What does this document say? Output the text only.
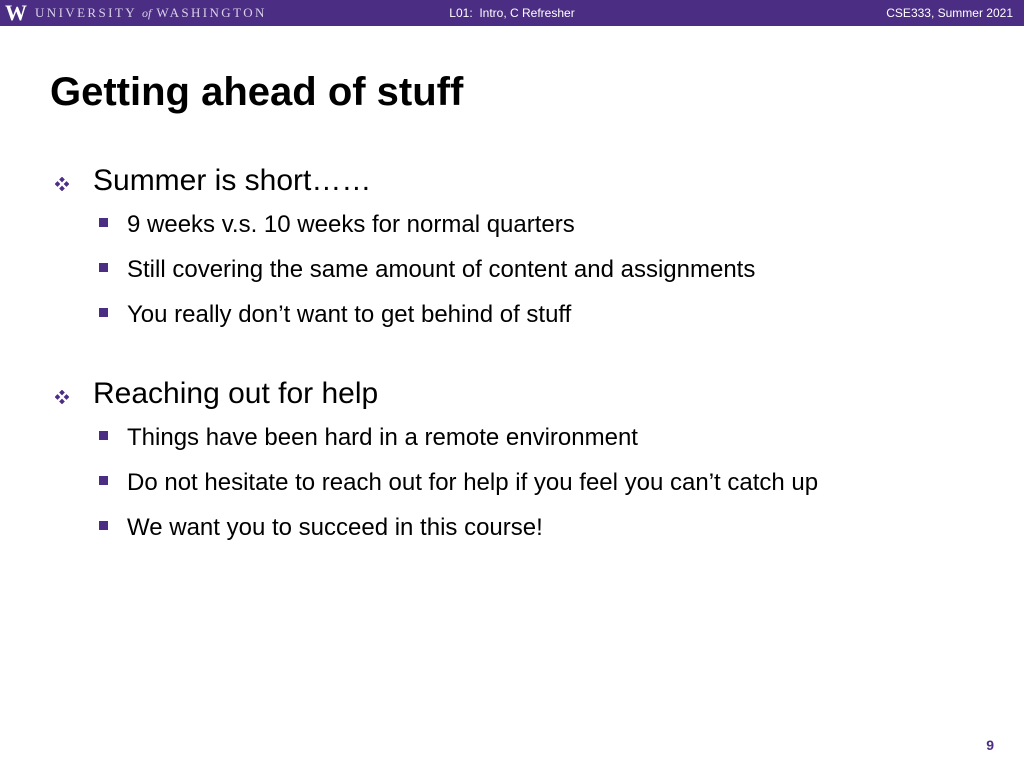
W UNIVERSITY of WASHINGTON	L01:  Intro, C Refresher	CSE333, Summer 2021
Getting ahead of stuff
Summer is short……
9 weeks v.s. 10 weeks for normal quarters
Still covering the same amount of content and assignments
You really don’t want to get behind of stuff
Reaching out for help
Things have been hard in a remote environment
Do not hesitate to reach out for help if you feel you can’t catch up
We want you to succeed in this course!
9
